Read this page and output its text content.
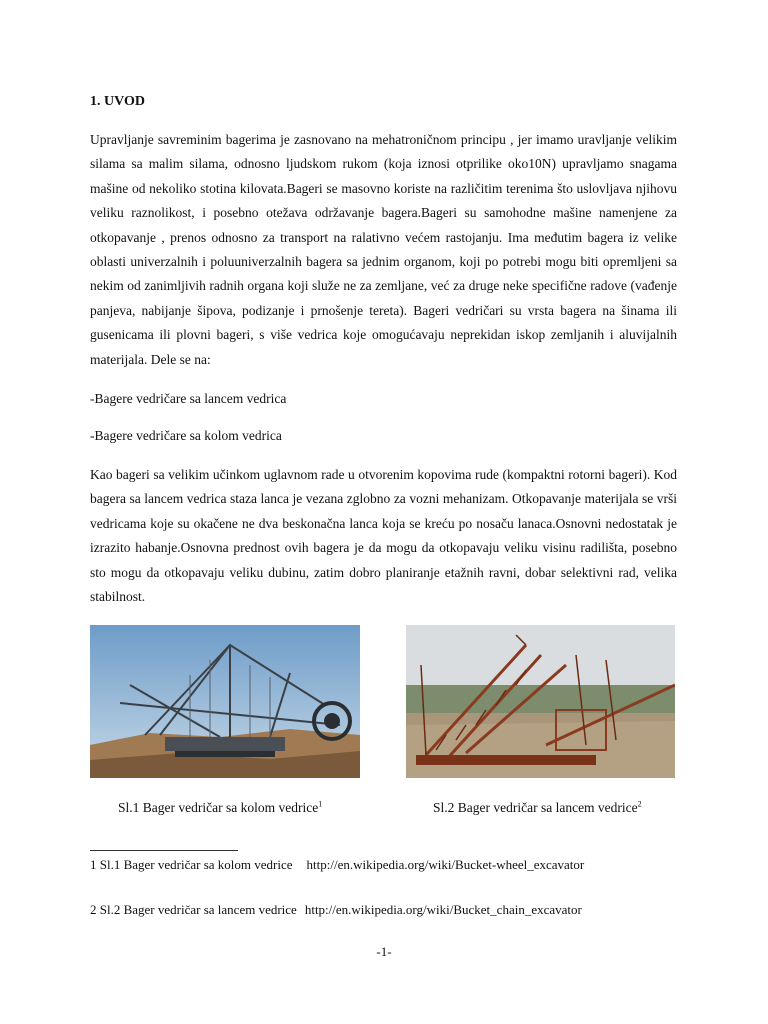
1. UVOD
Upravljanje savreminim bagerima je zasnovano na mehatroničnom principu , jer imamo uravljanje velikim silama sa malim silama, odnosno ljudskom rukom (koja iznosi otprilike oko10N) upravljamo snagama mašine od nekoliko stotina kilovata.Bageri se masovno koriste na različitim terenima što uslovljava njihovu veliku raznolikost, i posebno otežava održavanje bagera.Bageri su samohodne mašine namenjene za otkopavanje , prenos odnosno za transport na ralativno većem rastojanju. Ima međutim bagera iz velike oblasti univerzalnih i poluuniverzalnih bagera sa jednim organom, koji po potrebi mogu biti opremljeni sa nekim od zanimljivih radnih organa koji služe ne za zemljane, već za druge neke specifične radove (vađenje panjeva, nabijanje šipova, podizanje i prnošenje tereta). Bageri vedričari su vrsta bagera na šinama ili gusenicama ili plovni bageri, s više vedrica koje omogućavaju neprekidan iskop zemljanih i aluvijalnih materijala. Dele se na:
-Bagere vedričare sa lancem vedrica
-Bagere vedričare sa kolom vedrica
Kao bageri sa velikim učinkom uglavnom rade u otvorenim kopovima rude (kompaktni rotorni bageri). Kod bagera sa lancem vedrica staza lanca je vezana zglobno za vozni mehanizam. Otkopavanje materijala se vrši vedricama koje su okačene ne dva beskonačna lanca koja se kreću po nosaču lanaca.Osnovni nedostatak je izrazito habanje.Osnovna prednost ovih bagera je da mogu da otkopavaju veliku visinu radilišta, posebno sto mogu da otkopavaju veliku dubinu, zatim dobro planiranje etažnih ravni, dobar selektivni rad, velika stabilnost.
Sl.1 Bager vedričar sa kolom vedrice$^1$	Sl.2 Bager vedričar sa lancem vedrice$^2$
1 Sl.1 Bager vedričar sa kolom vedrice http://en.wikipedia.org/wiki/Bucket-wheel_excavator
2 Sl.2 Bager vedričar sa lancem vedrice http://en.wikipedia.org/wiki/Bucket_chain_excavator
-1-
